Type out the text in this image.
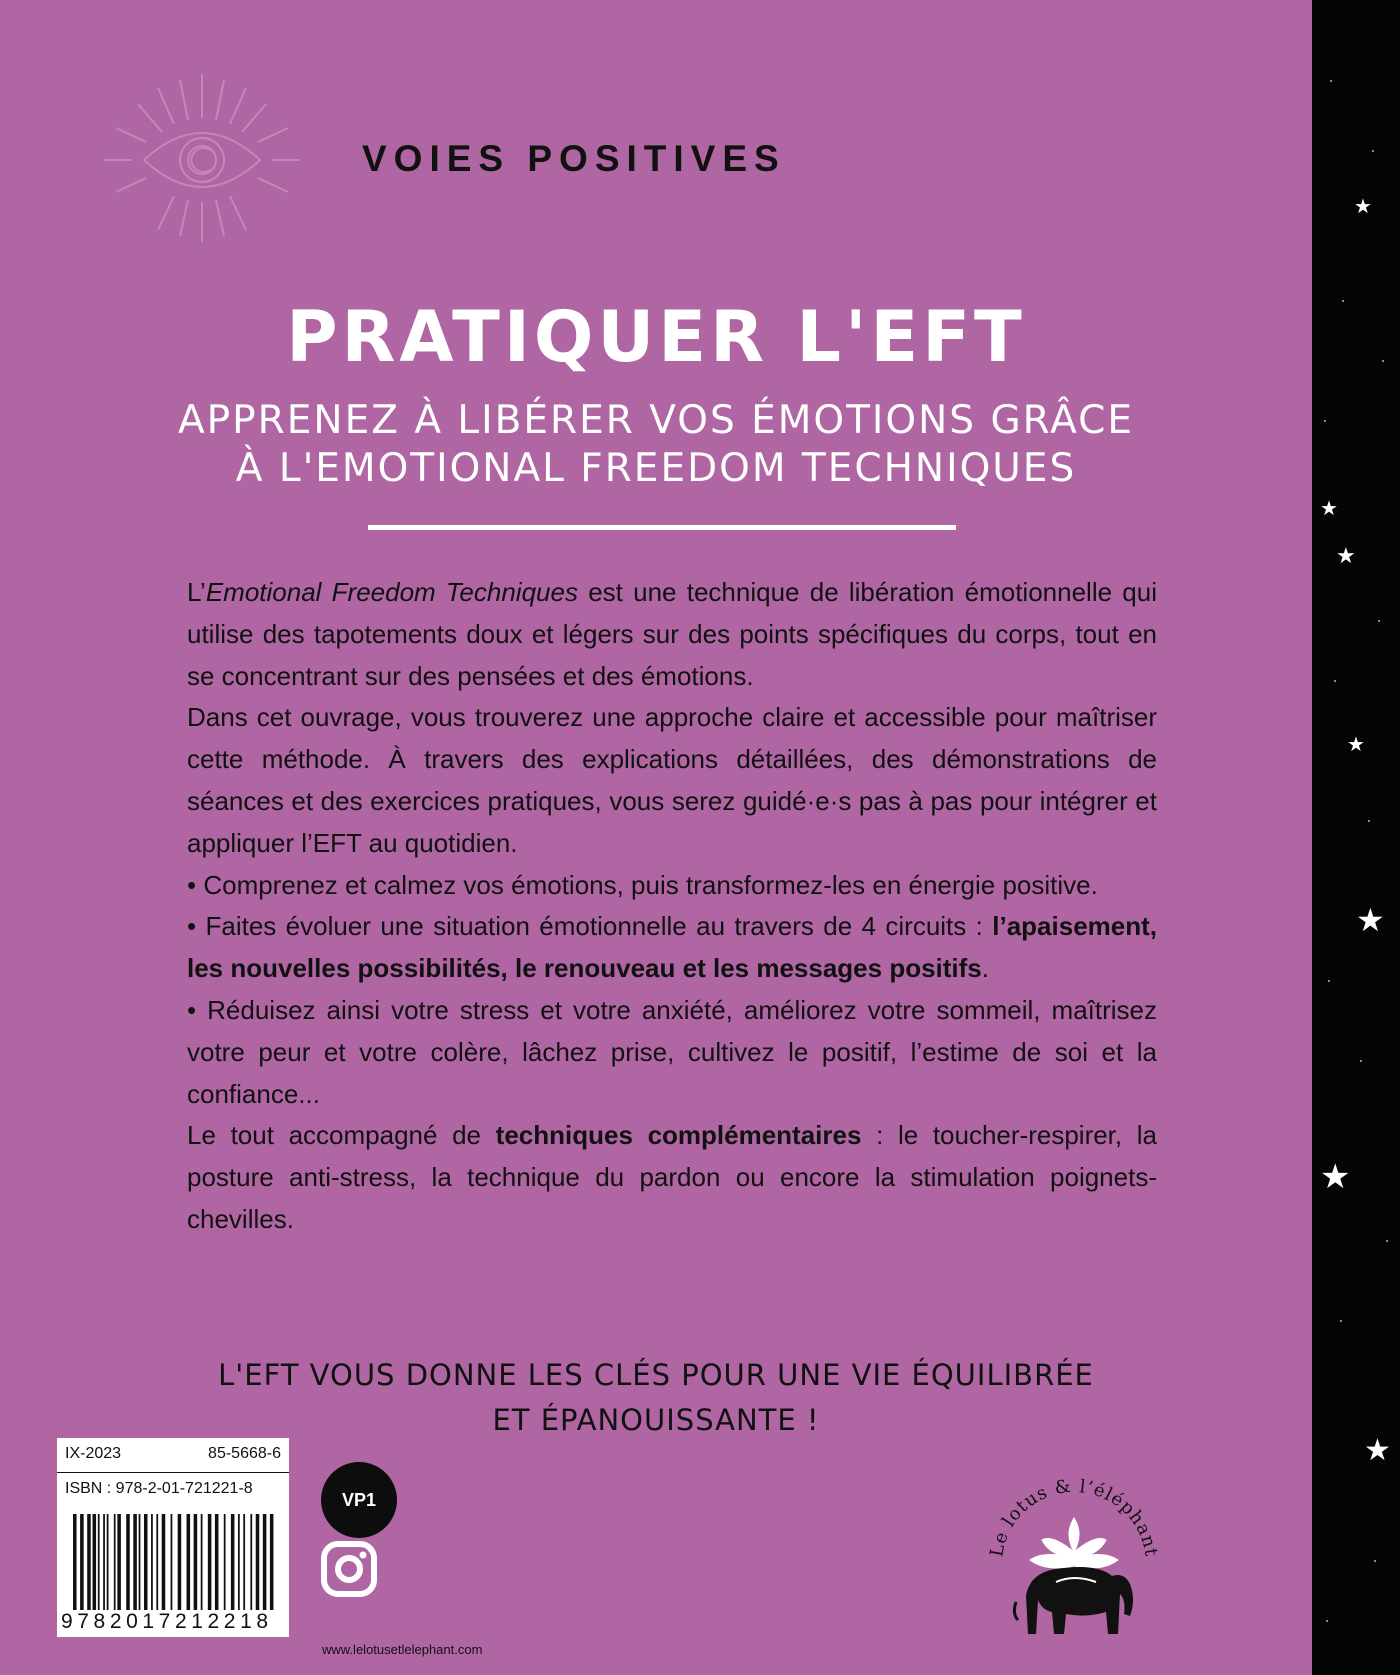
VOIES POSITIVES
PRATIQUER L'EFT
APPRENEZ À LIBÉRER VOS ÉMOTIONS GRÂCE
À L'EMOTIONAL FREEDOM TECHNIQUES

L’Emotional Freedom Techniques est une technique de libération émotionnelle qui utilise des tapotements doux et légers sur des points spécifiques du corps, tout en se concentrant sur des pensées et des émotions.

Dans cet ouvrage, vous trouverez une approche claire et accessible pour maîtriser cette méthode. À travers des explications détaillées, des démonstrations de séances et des exercices pratiques, vous serez guidé·e·s pas à pas pour intégrer et appliquer l’EFT au quotidien.

• Comprenez et calmez vos émotions, puis transformez-les en énergie positive.

• Faites évoluer une situation émotionnelle au travers de 4 circuits : l’apaisement, les nouvelles possibilités, le renouveau et les messages positifs.

• Réduisez ainsi votre stress et votre anxiété, améliorez votre sommeil, maîtrisez votre peur et votre colère, lâchez prise, cultivez le positif, l’estime de soi et la confiance...

Le tout accompagné de techniques complémentaires : le toucher-respirer, la posture anti-stress, la technique du pardon ou encore la stimulation poignets-chevilles.

L'EFT VOUS DONNE LES CLÉS POUR UNE VIE ÉQUILIBRÉE
ET ÉPANOUISSANTE !
IX-2023	85-5668-6
ISBN : 978-2-01-721221-8
9782017212218
VP1
www.lelotusetlelephant.com
Le lotus & l’éléphant
★
★
★
★
★
★
★
